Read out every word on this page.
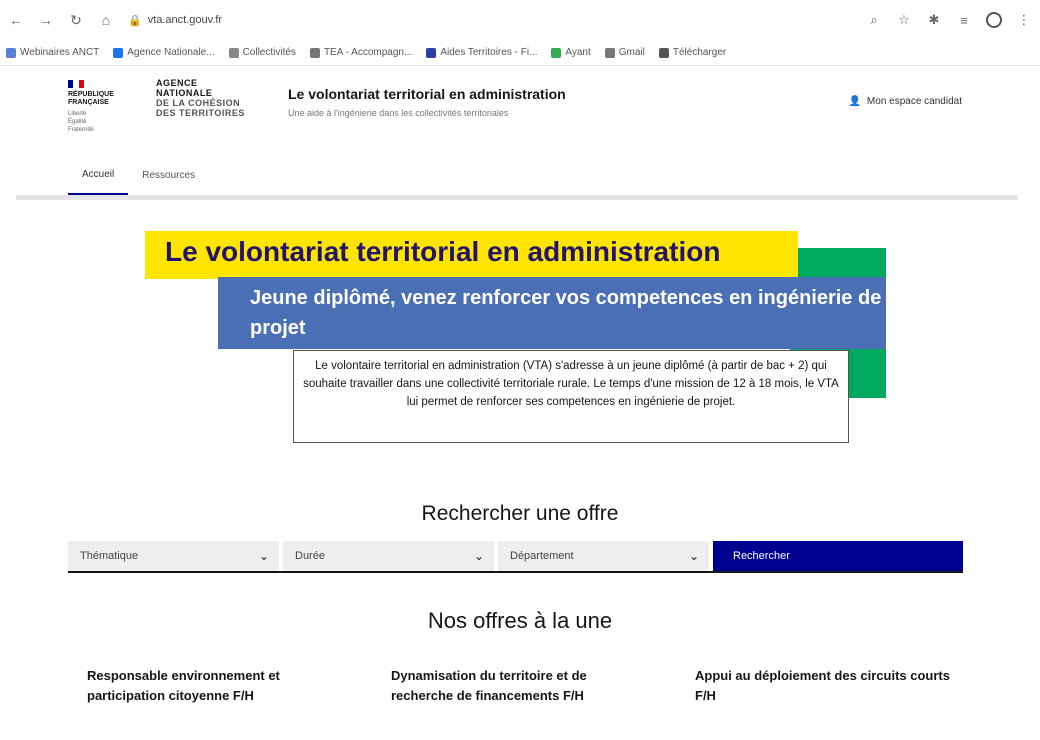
← → ↻ ⌂	🔒 vta.anct.gouv.fr	⌕	☆ ✱	≡	⋮
Webinaires ANCT	Agence Nationale...	Collectivités	TEA - Accompagn...	Aides Territoires - Fi...	Ayant	Gmail	Télécharger
RÉPUBLIQUE
FRANÇAISE
Liberté
Égalité
Fraternité
AGENCE
NATIONALE
DE LA COHÉSION
DES TERRITOIRES
Le volontariat territorial en administration
Une aide à l'ingénierie dans les collectivités territoriales
👤 Mon espace candidat
Accueil	Ressources
Le volontariat territorial en administration
Jeune diplômé, venez renforcer vos competences en ingénierie de projet
Le volontaire territorial en administration (VTA) s'adresse à un jeune diplômé (à partir de bac + 2) qui souhaite travailler dans une collectivité territoriale rurale. Le temps d'une mission de 12 à 18 mois, le VTA lui permet de renforcer ses competences en ingénierie de projet.
Rechercher une offre
Thématique	⌄ Durée	⌄ Département	⌄	Rechercher
Nos offres à la une
Responsable environnement et participation citoyenne F/H
Dynamisation du territoire et de recherche de financements F/H
Appui au déploiement des circuits courts F/H
